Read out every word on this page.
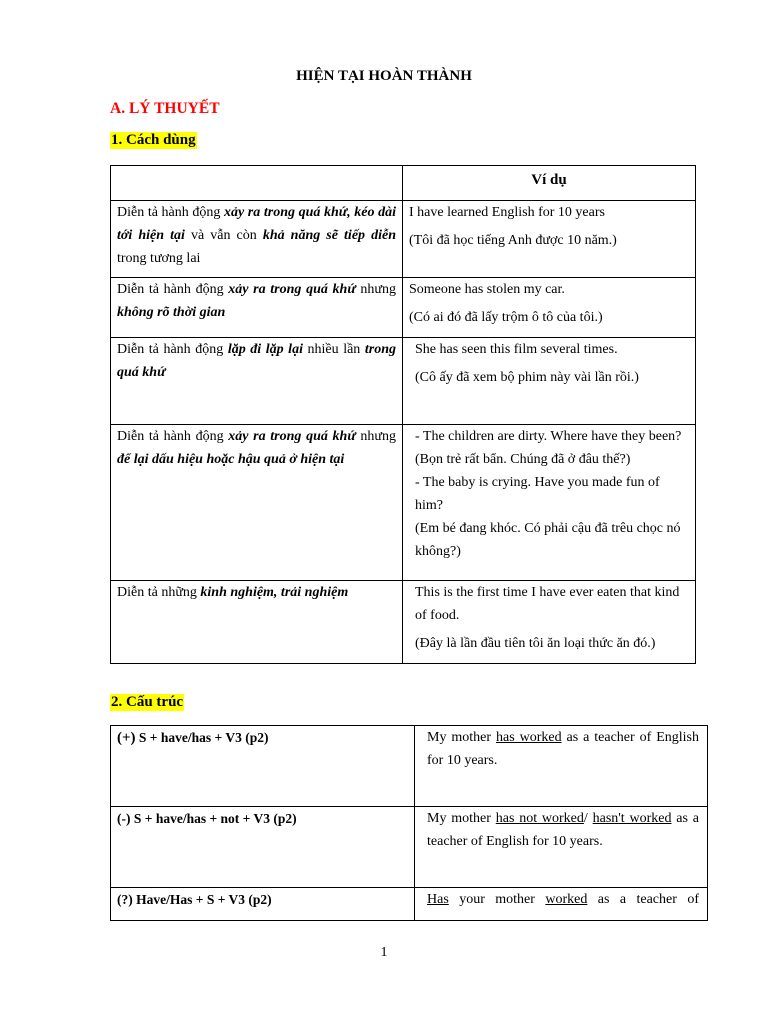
HIỆN TẠI HOÀN THÀNH
A. LÝ THUYẾT
1. Cách dùng
	Ví dụ

Diễn tả hành động xảy ra trong quá khứ, kéo dài tới hiện tại và vẫn còn khả năng sẽ tiếp diễn trong tương lai	I have learned English for 10 years
(Tôi đã học tiếng Anh được 10 năm.)

Diễn tả hành động xảy ra trong quá khứ nhưng không rõ thời gian	Someone has stolen my car.
(Có ai đó đã lấy trộm ô tô của tôi.)

Diễn tả hành động lặp đi lặp lại nhiều lần trong quá khứ	She has seen this film several times.
(Cô ấy đã xem bộ phim này vài lần rồi.)

Diễn tả hành động xảy ra trong quá khứ nhưng để lại dấu hiệu hoặc hậu quả ở hiện tại	- The children are dirty. Where have they been?
(Bọn trẻ rất bẩn. Chúng đã ở đâu thế?)
- The baby is crying. Have you made fun of him?
(Em bé đang khóc. Có phải cậu đã trêu chọc nó không?)

Diễn tả những kinh nghiệm, trải nghiệm	This is the first time I have ever eaten that kind of food.
(Đây là lần đầu tiên tôi ăn loại thức ăn đó.)
2. Cấu trúc
(+) S + have/has + V3 (p2)	My mother has worked as a teacher of English for 10 years.

(-) S + have/has + not + V3 (p2)	My mother has not worked/ hasn't worked as a teacher of English for 10 years.

(?) Have/Has + S + V3 (p2)	Has your mother worked as a teacher of
1
